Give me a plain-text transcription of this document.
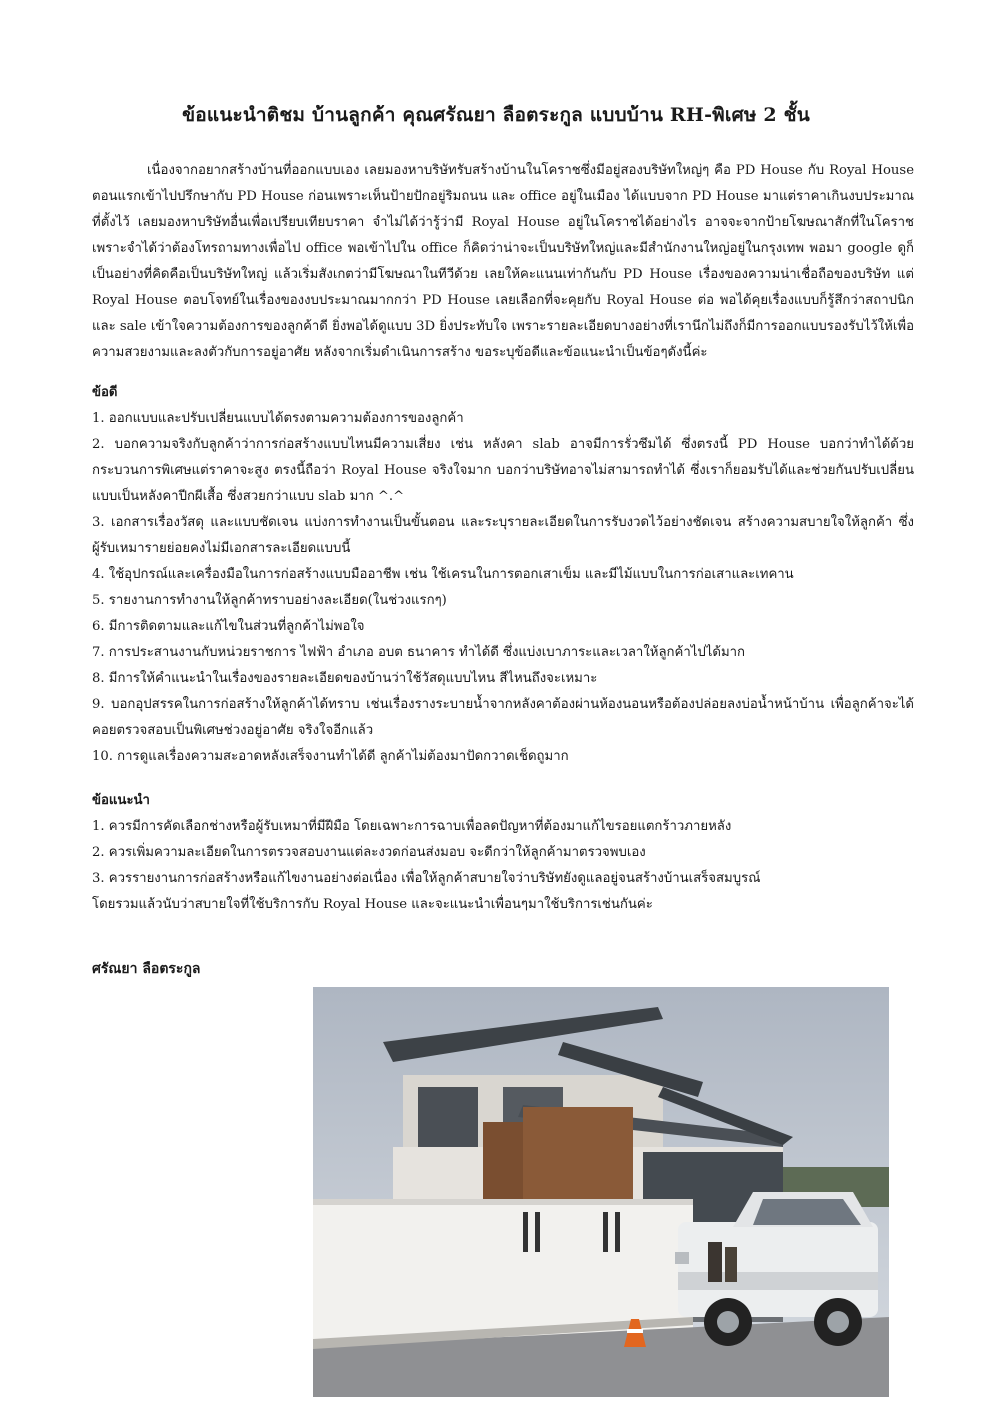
ข้อแนะนำติชม บ้านลูกค้า คุณศรัณยา ลือตระกูล แบบบ้าน RH-พิเศษ 2 ชั้น

เนื่องจากอยากสร้างบ้านที่ออกแบบเอง เลยมองหาบริษัทรับสร้างบ้านในโคราชซึ่งมีอยู่สองบริษัทใหญ่ๆ คือ PD House กับ Royal House ตอนแรกเข้าไปปรึกษากับ PD House ก่อนเพราะเห็นป้ายปักอยู่ริมถนน และ office อยู่ในเมือง ได้แบบจาก PD House มาแต่ราคาเกินงบประมาณที่ตั้งไว้ เลยมองหาบริษัทอื่นเพื่อเปรียบเทียบราคา จำไม่ได้ว่ารู้ว่ามี Royal House อยู่ในโคราชได้อย่างไร อาจจะจากป้ายโฆษณาสักที่ในโคราช เพราะจำได้ว่าต้องโทรถามทางเพื่อไป office พอเข้าไปใน office ก็คิดว่าน่าจะเป็นบริษัทใหญ่และมีสำนักงานใหญ่อยู่ในกรุงเทพ พอมา google ดูก็เป็นอย่างที่คิดคือเป็นบริษัทใหญ่ แล้วเริ่มสังเกตว่ามีโฆษณาในทีวีด้วย เลยให้คะแนนเท่ากันกับ PD House เรื่องของความน่าเชื่อถือของบริษัท แต่ Royal House ตอบโจทย์ในเรื่องของงบประมาณมากกว่า PD House เลยเลือกที่จะคุยกับ Royal House ต่อ พอได้คุยเรื่องแบบก็รู้สึกว่าสถาปนิกและ sale เข้าใจความต้องการของลูกค้าดี ยิ่งพอได้ดูแบบ 3D ยิ่งประทับใจ เพราะรายละเอียดบางอย่างที่เรานึกไม่ถึงก็มีการออกแบบรองรับไว้ให้เพื่อความสวยงามและลงตัวกับการอยู่อาศัย หลังจากเริ่มดำเนินการสร้าง ขอระบุข้อดีและข้อแนะนำเป็นข้อๆดังนี้ค่ะ

ข้อดี

1. ออกแบบและปรับเปลี่ยนแบบได้ตรงตามความต้องการของลูกค้า

2. บอกความจริงกับลูกค้าว่าการก่อสร้างแบบไหนมีความเสี่ยง เช่น หลังคา slab อาจมีการรั่วซึมได้ ซึ่งตรงนี้ PD House บอกว่าทำได้ด้วยกระบวนการพิเศษแต่ราคาจะสูง ตรงนี้ถือว่า Royal House จริงใจมาก บอกว่าบริษัทอาจไม่สามารถทำได้ ซึ่งเราก็ยอมรับได้และช่วยกันปรับเปลี่ยนแบบเป็นหลังคาปีกผีเสื้อ ซึ่งสวยกว่าแบบ slab มาก ^.^

3. เอกสารเรื่องวัสดุ และแบบชัดเจน แบ่งการทำงานเป็นขั้นตอน และระบุรายละเอียดในการรับงวดไว้อย่างชัดเจน สร้างความสบายใจให้ลูกค้า ซึ่งผู้รับเหมารายย่อยคงไม่มีเอกสารละเอียดแบบนี้

4. ใช้อุปกรณ์และเครื่องมือในการก่อสร้างแบบมืออาชีพ เช่น ใช้เครนในการตอกเสาเข็ม และมีไม้แบบในการก่อเสาและเทคาน

5. รายงานการทำงานให้ลูกค้าทราบอย่างละเอียด(ในช่วงแรกๆ)

6. มีการติดตามและแก้ไขในส่วนที่ลูกค้าไม่พอใจ

7. การประสานงานกับหน่วยราชการ ไฟฟ้า อำเภอ อบต ธนาคาร ทำได้ดี ซึ่งแบ่งเบาภาระและเวลาให้ลูกค้าไปได้มาก

8. มีการให้คำแนะนำในเรื่องของรายละเอียดของบ้านว่าใช้วัสดุแบบไหน สีไหนถึงจะเหมาะ

9. บอกอุปสรรคในการก่อสร้างให้ลูกค้าได้ทราบ เช่นเรื่องรางระบายน้ำจากหลังคาต้องผ่านห้องนอนหรือต้องปล่อยลงบ่อน้ำหน้าบ้าน เพื่อลูกค้าจะได้คอยตรวจสอบเป็นพิเศษช่วงอยู่อาศัย จริงใจอีกแล้ว

10. การดูแลเรื่องความสะอาดหลังเสร็จงานทำได้ดี ลูกค้าไม่ต้องมาปัดกวาดเช็ดถูมาก

ข้อแนะนำ

1. ควรมีการคัดเลือกช่างหรือผู้รับเหมาที่มีฝีมือ โดยเฉพาะการฉาบเพื่อลดปัญหาที่ต้องมาแก้ไขรอยแตกร้าวภายหลัง

2. ควรเพิ่มความละเอียดในการตรวจสอบงานแต่ละงวดก่อนส่งมอบ จะดีกว่าให้ลูกค้ามาตรวจพบเอง

3. ควรรายงานการก่อสร้างหรือแก้ไขงานอย่างต่อเนื่อง เพื่อให้ลูกค้าสบายใจว่าบริษัทยังดูแลอยู่จนสร้างบ้านเสร็จสมบูรณ์

โดยรวมแล้วนับว่าสบายใจที่ใช้บริการกับ Royal House และจะแนะนำเพื่อนๆมาใช้บริการเช่นกันค่ะ

ศรัณยา ลือตระกูล
